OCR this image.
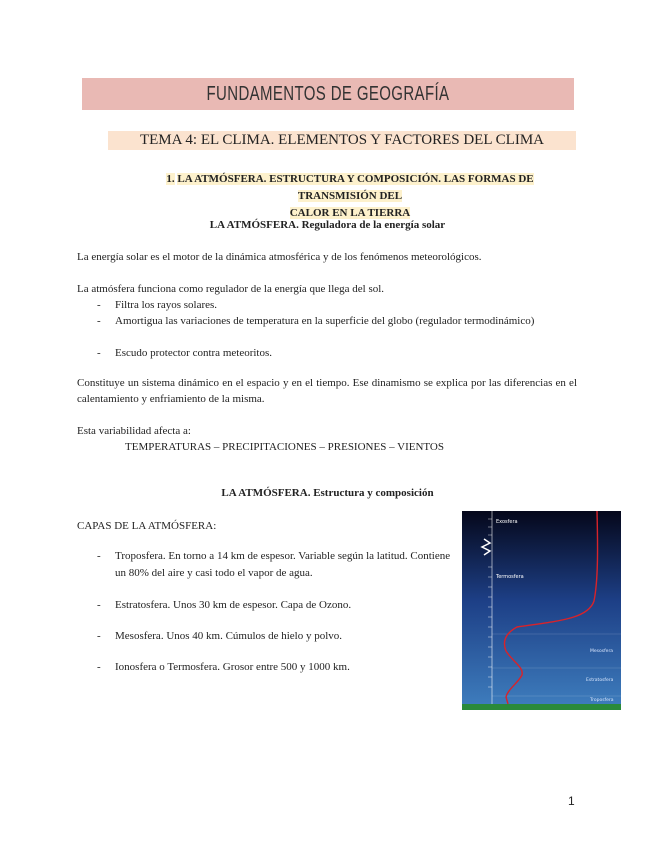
FUNDAMENTOS DE GEOGRAFÍA
TEMA 4: EL CLIMA. ELEMENTOS Y FACTORES DEL CLIMA
1. LA ATMÓSFERA. ESTRUCTURA Y COMPOSICIÓN. LAS FORMAS DE TRANSMISIÓN DEL
CALOR EN LA TIERRA
LA ATMÓSFERA. Reguladora de la energía solar
La energía solar es el motor de la dinámica atmosférica y de los fenómenos meteorológicos.
La atmósfera funciona como regulador de la energía que llega del sol.
- Filtra los rayos solares.
- Amortigua las variaciones de temperatura en la superficie del globo (regulador termodinámico)
- Escudo protector contra meteoritos.
Constituye un sistema dinámico en el espacio y en el tiempo. Ese dinamismo se explica por las diferencias en el calentamiento y enfriamiento de la misma.
Esta variabilidad afecta a:
TEMPERATURAS – PRECIPITACIONES – PRESIONES – VIENTOS
LA ATMÓSFERA. Estructura y composición
CAPAS DE LA ATMÓSFERA:
- Troposfera. En torno a 14 km de espesor. Variable según la latitud. Contiene un 80% del aire y casi todo el vapor de agua.
- Estratosfera. Unos 30 km de espesor. Capa de Ozono.
- Mesosfera. Unos 40 km. Cúmulos de hielo y polvo.
- Ionosfera o Termosfera. Grosor entre 500 y 1000 km.
Exosfera
Termosfera
Mesosfera
Estratosfera
Troposfera
1
